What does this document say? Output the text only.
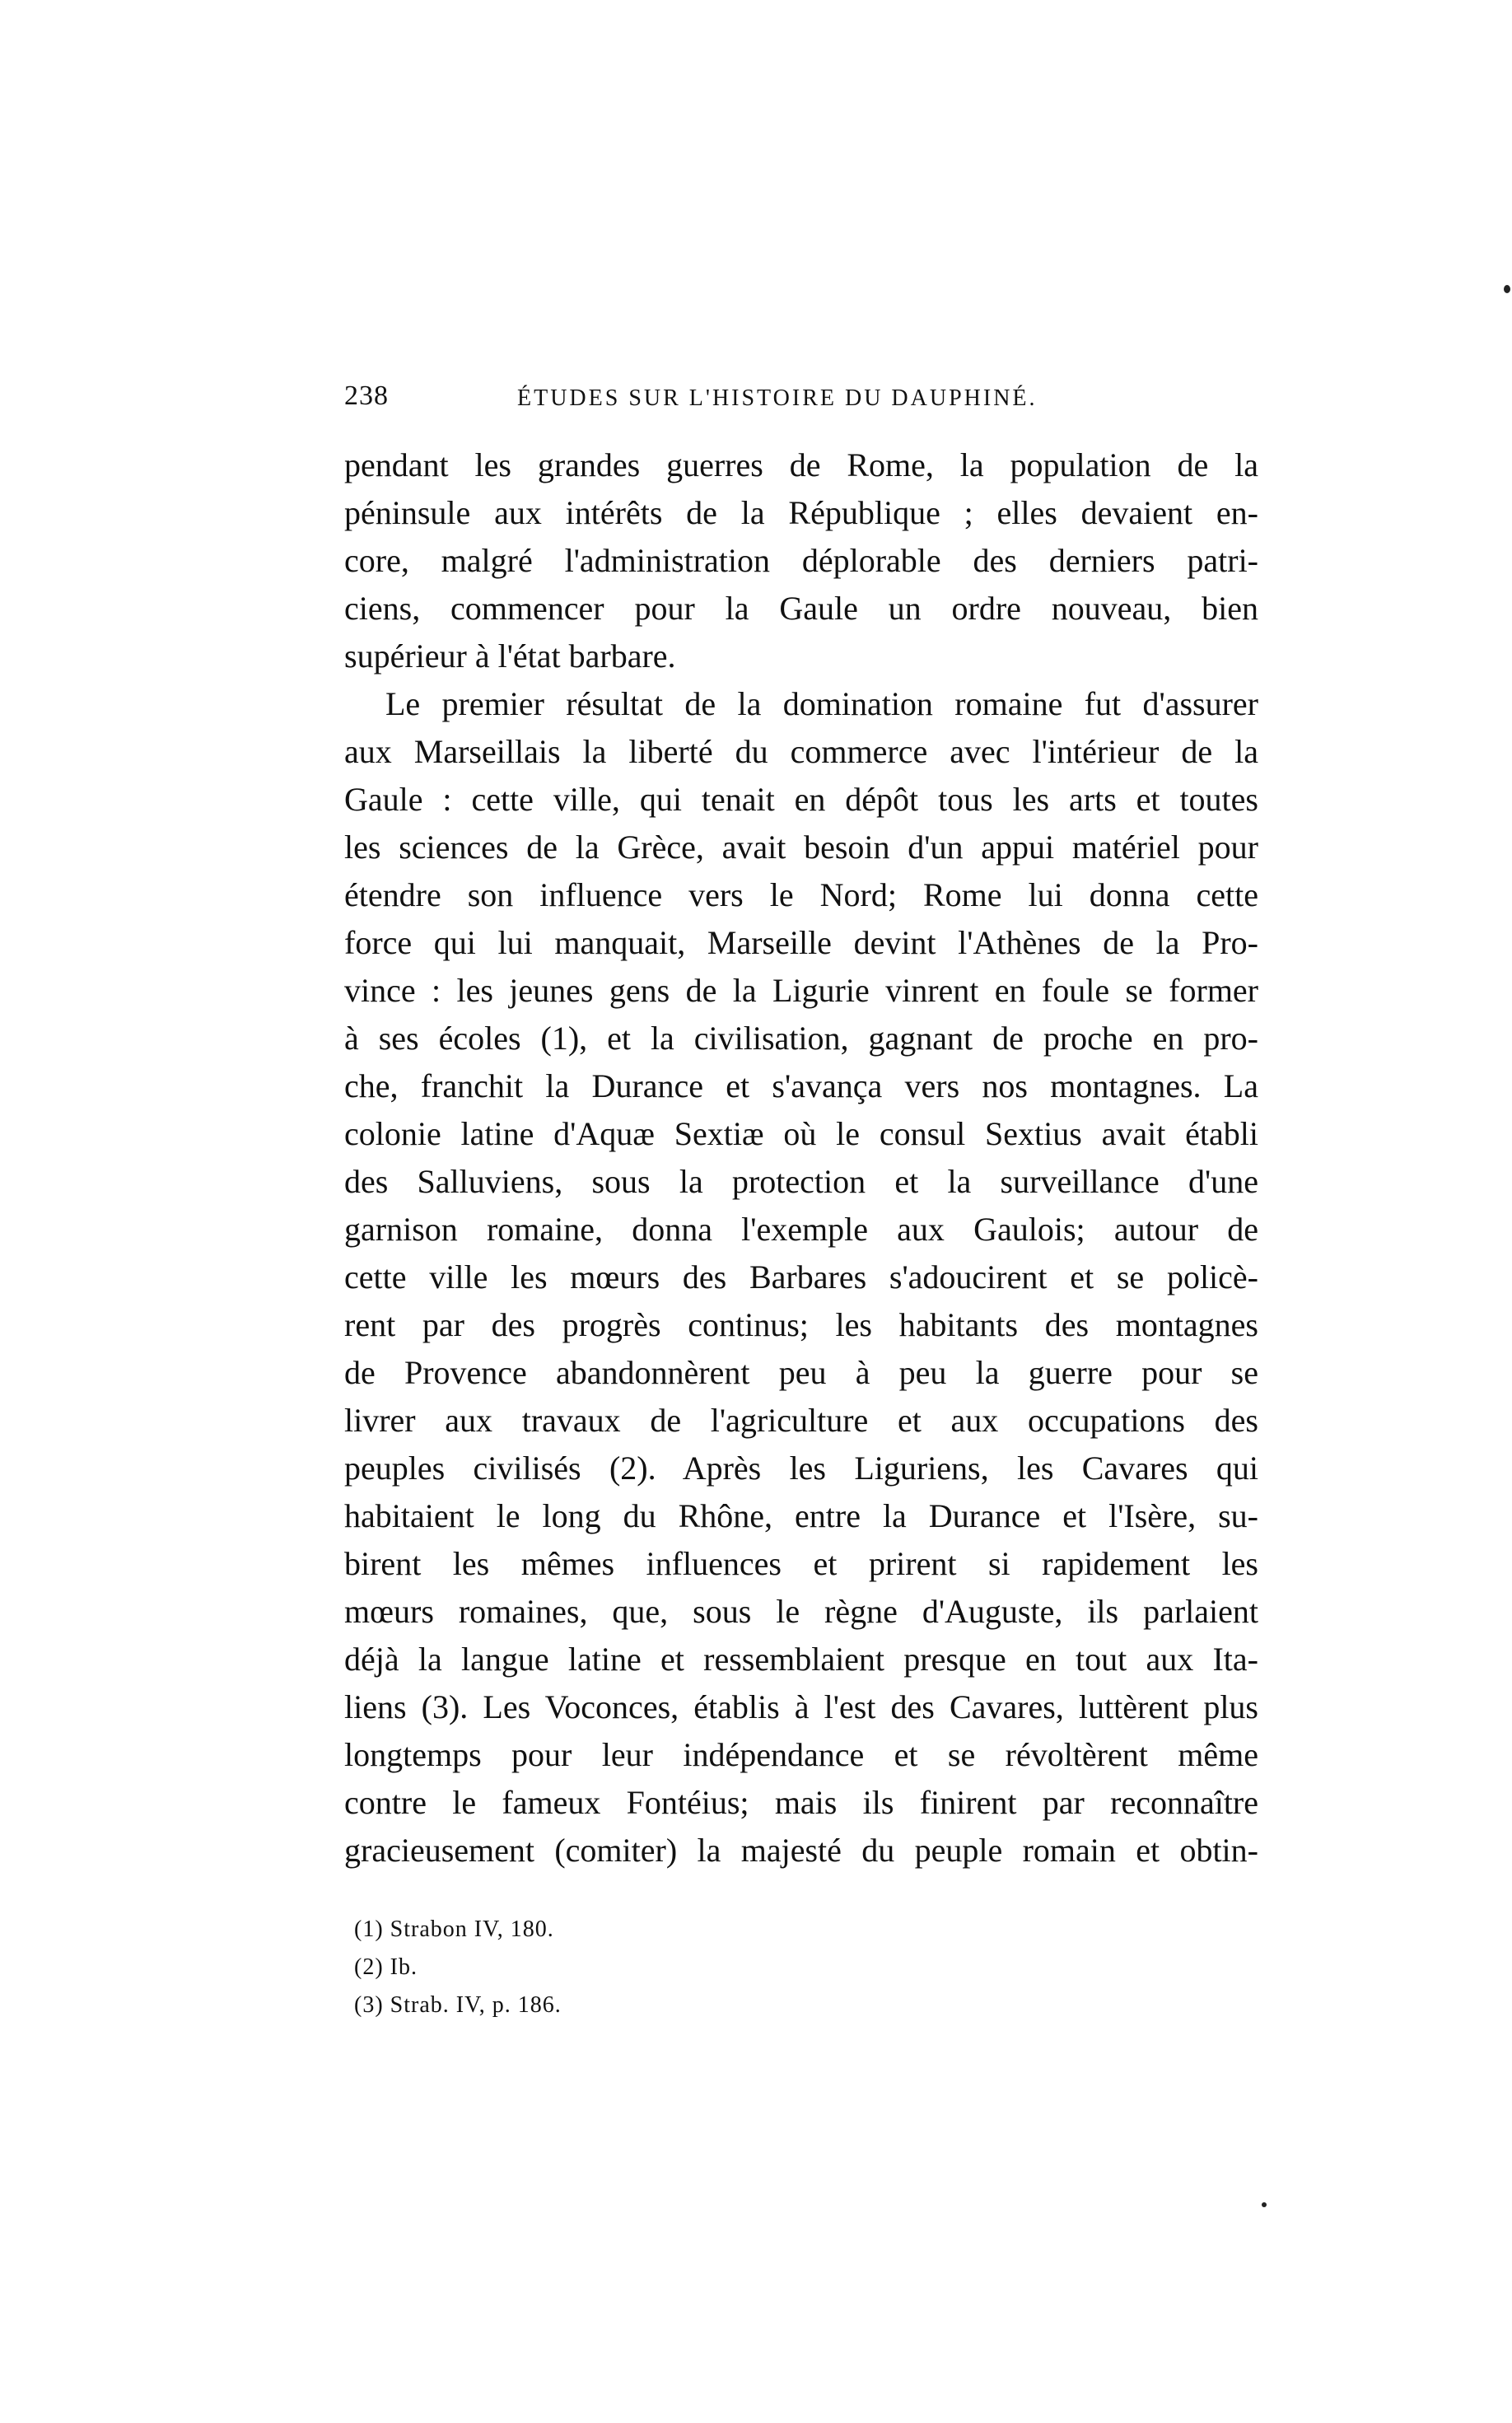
238	ÉTUDES SUR L'HISTOIRE DU DAUPHINÉ.
pendant les grandes guerres de Rome, la population de la
péninsule aux intérêts de la République ; elles devaient en-
core, malgré l'administration déplorable des derniers patri-
ciens, commencer pour la Gaule un ordre nouveau, bien
supérieur à l'état barbare.
Le premier résultat de la domination romaine fut d'assurer
aux Marseillais la liberté du commerce avec l'intérieur de la
Gaule : cette ville, qui tenait en dépôt tous les arts et toutes
les sciences de la Grèce, avait besoin d'un appui matériel pour
étendre son influence vers le Nord; Rome lui donna cette
force qui lui manquait, Marseille devint l'Athènes de la Pro-
vince : les jeunes gens de la Ligurie vinrent en foule se former
à ses écoles (1), et la civilisation, gagnant de proche en pro-
che, franchit la Durance et s'avança vers nos montagnes. La
colonie latine d'Aquæ Sextiæ où le consul Sextius avait établi
des Salluviens, sous la protection et la surveillance d'une
garnison romaine, donna l'exemple aux Gaulois; autour de
cette ville les mœurs des Barbares s'adoucirent et se policè-
rent par des progrès continus; les habitants des montagnes
de Provence abandonnèrent peu à peu la guerre pour se
livrer aux travaux de l'agriculture et aux occupations des
peuples civilisés (2). Après les Liguriens, les Cavares qui
habitaient le long du Rhône, entre la Durance et l'Isère, su-
birent les mêmes influences et prirent si rapidement les
mœurs romaines, que, sous le règne d'Auguste, ils parlaient
déjà la langue latine et ressemblaient presque en tout aux Ita-
liens (3). Les Voconces, établis à l'est des Cavares, luttèrent plus
longtemps pour leur indépendance et se révoltèrent même
contre le fameux Fontéius; mais ils finirent par reconnaître
gracieusement (comiter) la majesté du peuple romain et obtin-
(1) Strabon IV, 180.
(2) Ib.
(3) Strab. IV, p. 186.
